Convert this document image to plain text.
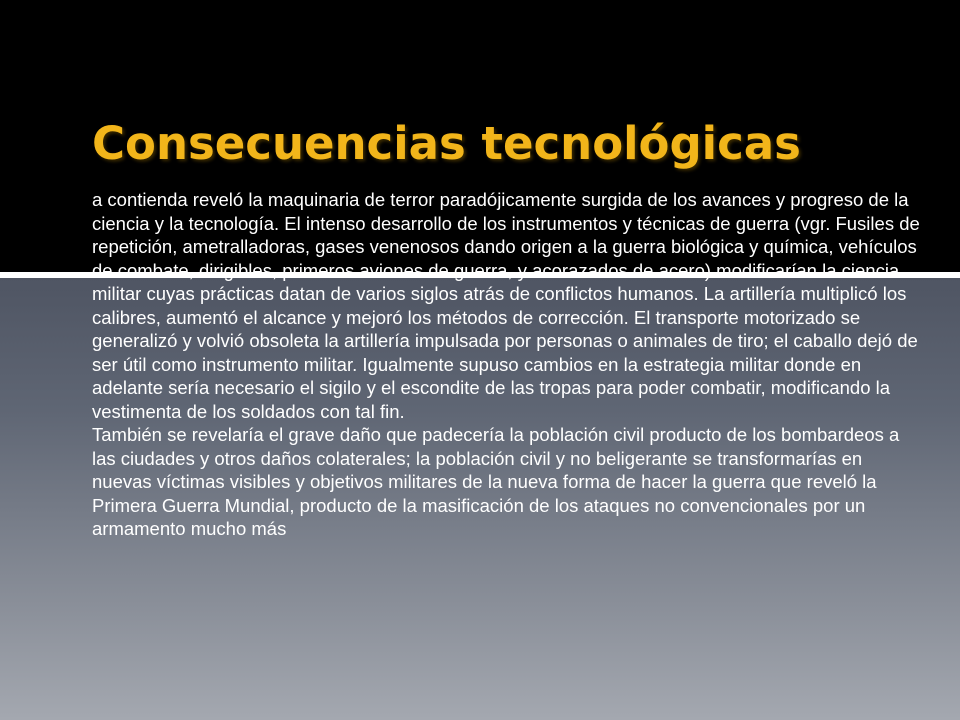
Consecuencias tecnológicas

a contienda reveló la maquinaria de terror paradójicamente surgida de los avances y progreso de la ciencia y la tecnología. El intenso desarrollo de los instrumentos y técnicas de guerra (vgr. Fusiles de repetición, ametralladoras, gases venenosos dando origen a la guerra biológica y química, vehículos de combate, dirigibles, primeros aviones de guerra, y acorazados de acero) modificarían la ciencia militar cuyas prácticas datan de varios siglos atrás de conflictos humanos. La artillería multiplicó los calibres, aumentó el alcance y mejoró los métodos de corrección. El transporte motorizado se generalizó y volvió obsoleta la artillería impulsada por personas o animales de tiro; el caballo dejó de ser útil como instrumento militar. Igualmente supuso cambios en la estrategia militar donde en adelante sería necesario el sigilo y el escondite de las tropas para poder combatir, modificando la vestimenta de los soldados con tal fin.

También se revelaría el grave daño que padecería la población civil producto de los bombardeos a las ciudades y otros daños colaterales; la población civil y no beligerante se transformarías en nuevas víctimas visibles y objetivos militares de la nueva forma de hacer la guerra que reveló la Primera Guerra Mundial, producto de la masificación de los ataques no convencionales por un armamento mucho más
